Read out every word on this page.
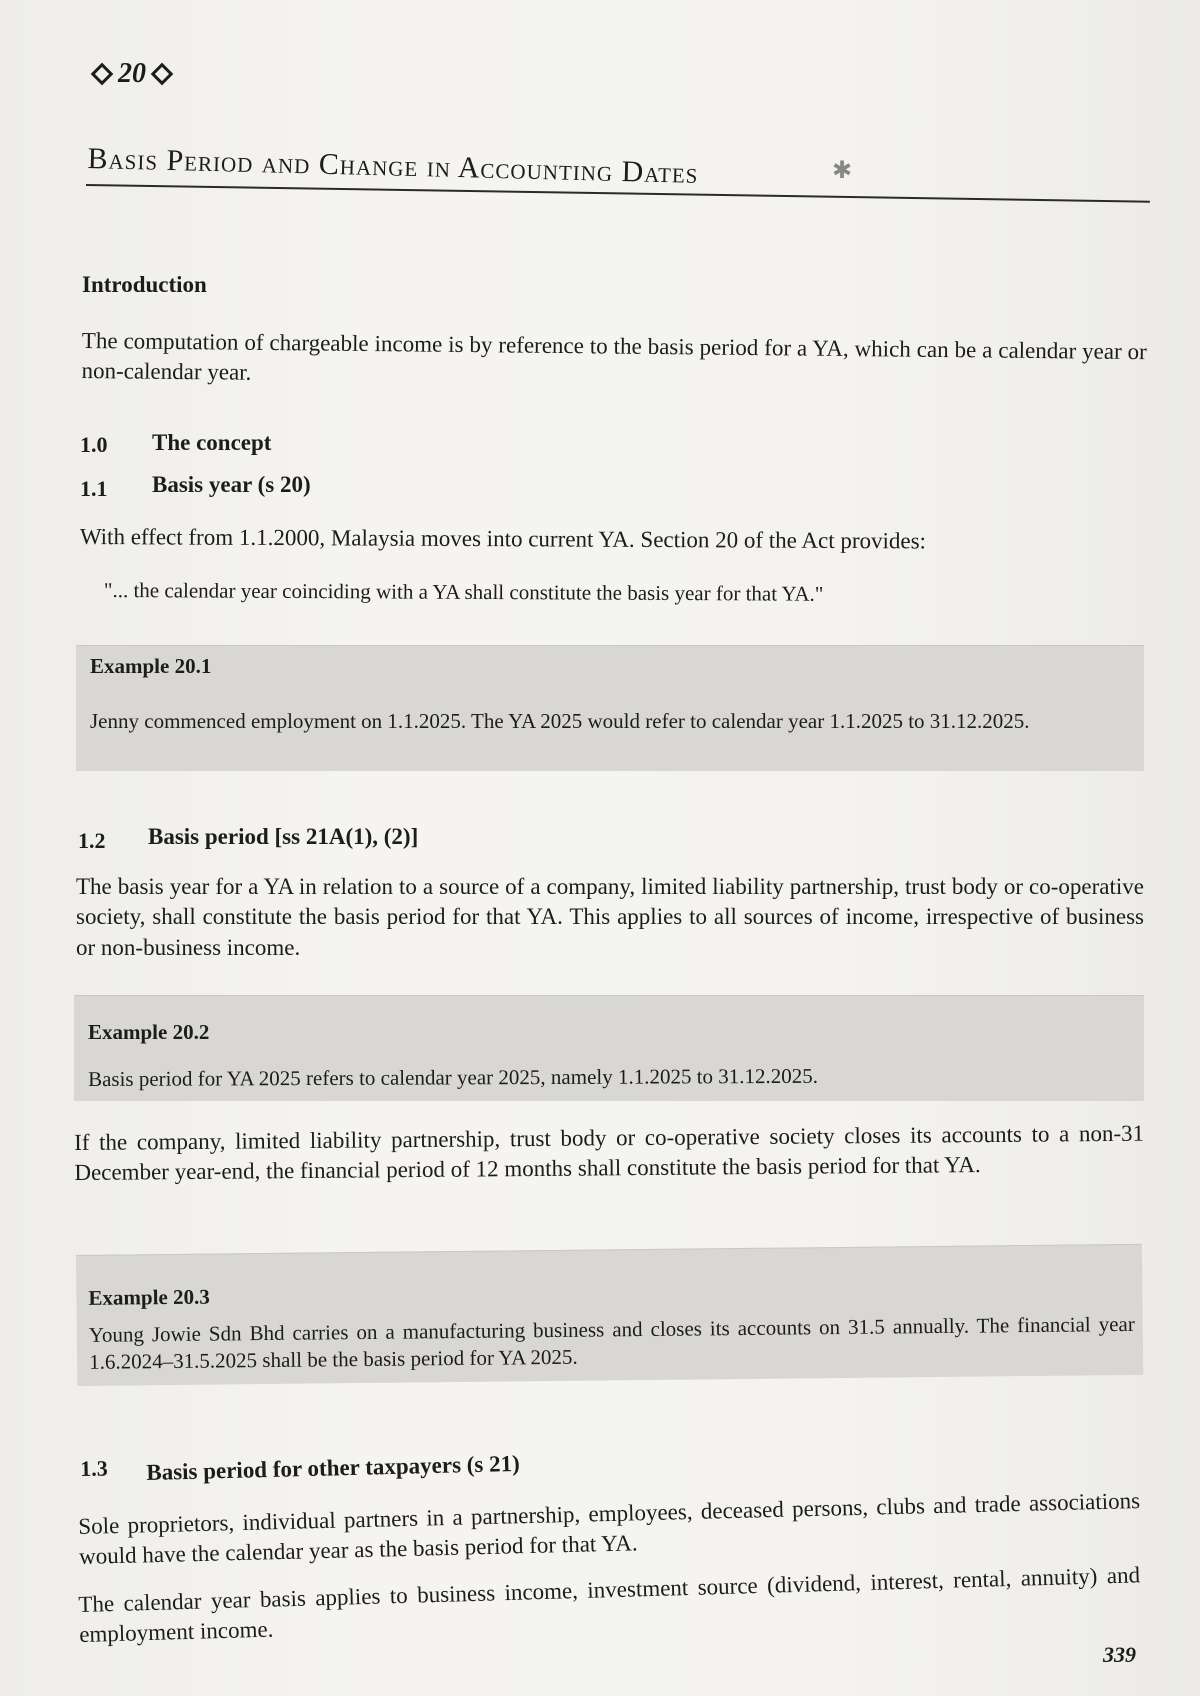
20
Basis Period and Change in Accounting Dates	✱
Introduction
The computation of chargeable income is by reference to the basis period for a YA, which can be a calendar year or non-calendar year.
1.0 The concept
1.1 Basis year (s 20)
With effect from 1.1.2000, Malaysia moves into current YA. Section 20 of the Act provides:
"... the calendar year coinciding with a YA shall constitute the basis year for that YA."
Example 20.1
Jenny commenced employment on 1.1.2025. The YA 2025 would refer to calendar year 1.1.2025 to 31.12.2025.
1.2 Basis period [ss 21A(1), (2)]
The basis year for a YA in relation to a source of a company, limited liability partnership, trust body or co-operative society, shall constitute the basis period for that YA. This applies to all sources of income, irrespective of business or non-business income.
Example 20.2
Basis period for YA 2025 refers to calendar year 2025, namely 1.1.2025 to 31.12.2025.
If the company, limited liability partnership, trust body or co-operative society closes its accounts to a non-31 December year-end, the financial period of 12 months shall constitute the basis period for that YA.
Example 20.3
Young Jowie Sdn Bhd carries on a manufacturing business and closes its accounts on 31.5 annually. The financial year 1.6.2024–31.5.2025 shall be the basis period for YA 2025.
1.3 Basis period for other taxpayers (s 21)
Sole proprietors, individual partners in a partnership, employees, deceased persons, clubs and trade associations would have the calendar year as the basis period for that YA.
The calendar year basis applies to business income, investment source (dividend, interest, rental, annuity) and employment income.
339
